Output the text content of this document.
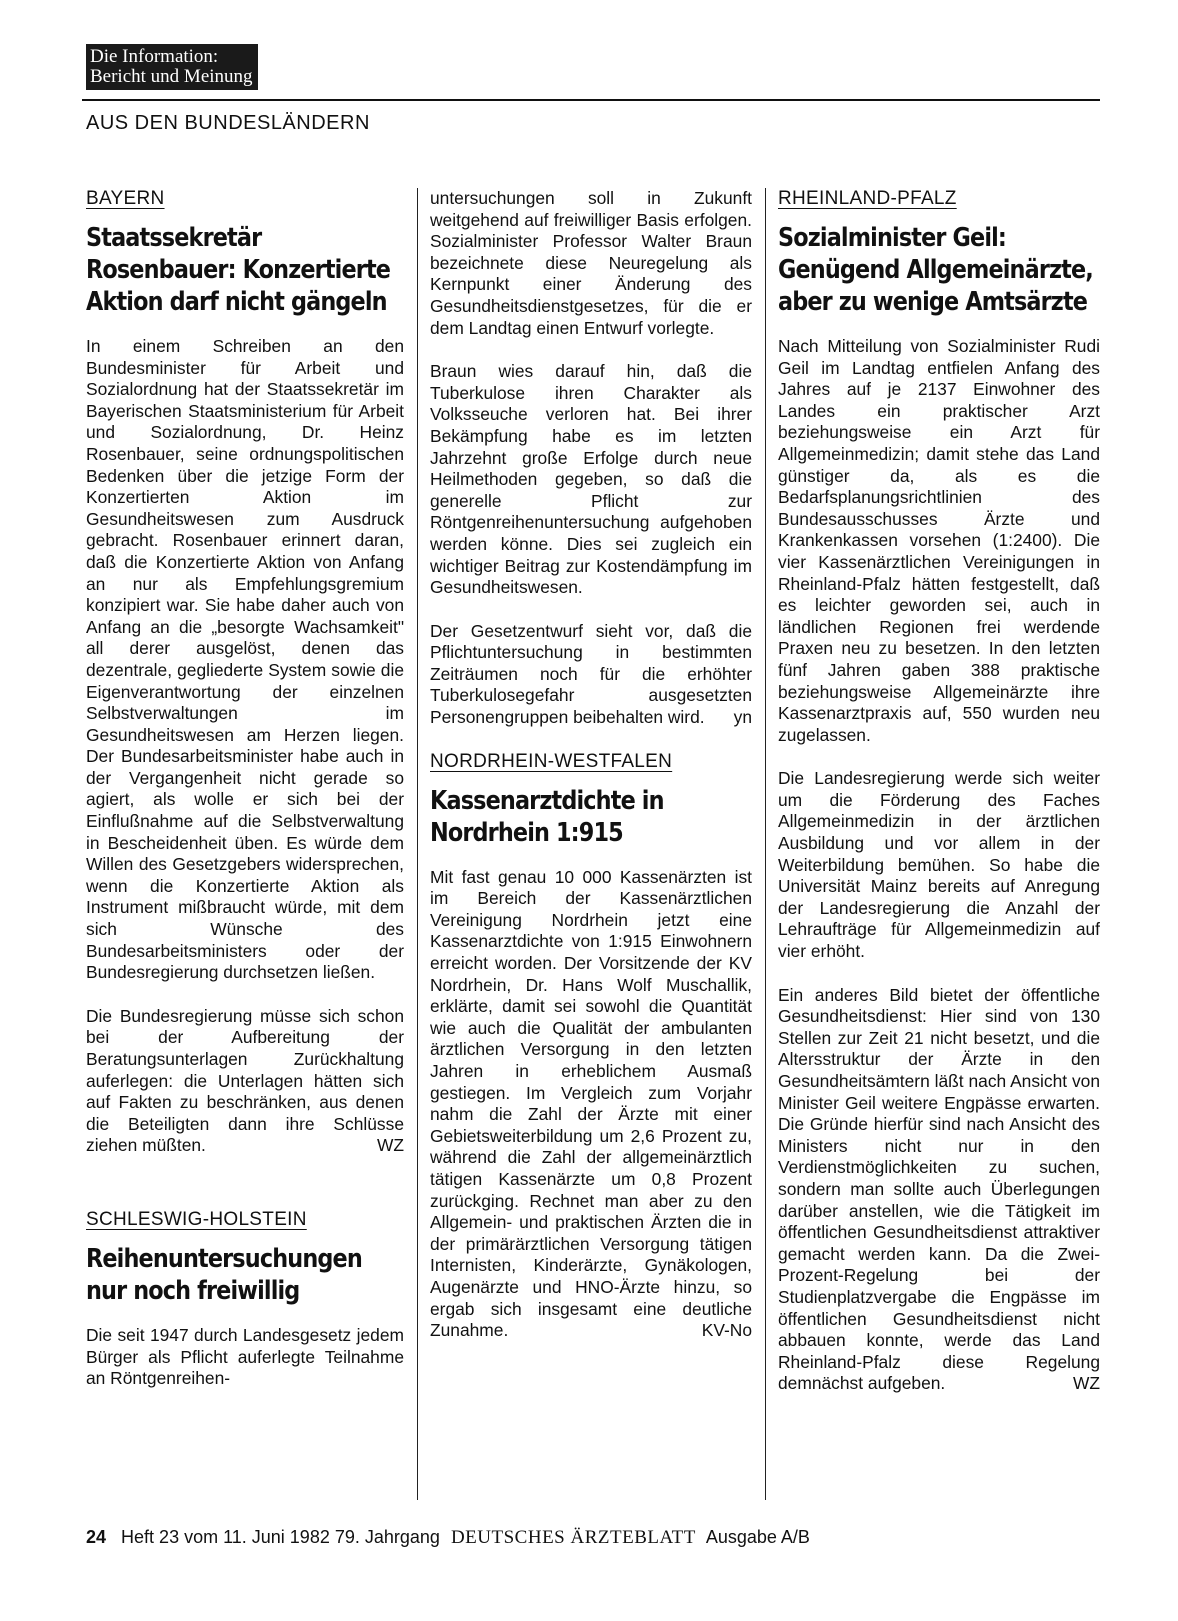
Die Information:
Bericht und Meinung
AUS DEN BUNDESLÄNDERN
BAYERN
Staatssekretär Rosenbauer: Konzertierte Aktion darf nicht gängeln

In einem Schreiben an den Bundesminister für Arbeit und Sozialordnung hat der Staatssekretär im Bayerischen Staatsministerium für Arbeit und Sozialordnung, Dr. Heinz Rosenbauer, seine ordnungspolitischen Bedenken über die jetzige Form der Konzertierten Aktion im Gesundheitswesen zum Ausdruck gebracht. Rosenbauer erinnert daran, daß die Konzertierte Aktion von Anfang an nur als Empfehlungsgremium konzipiert war. Sie habe daher auch von Anfang an die „besorgte Wachsamkeit" all derer ausgelöst, denen das dezentrale, gegliederte System sowie die Eigenverantwortung der einzelnen Selbstverwaltungen im Gesundheitswesen am Herzen liegen. Der Bundesarbeitsminister habe auch in der Vergangenheit nicht gerade so agiert, als wolle er sich bei der Einflußnahme auf die Selbstverwaltung in Bescheidenheit üben. Es würde dem Willen des Gesetzgebers widersprechen, wenn die Konzertierte Aktion als Instrument mißbraucht würde, mit dem sich Wünsche des Bundesarbeitsministers oder der Bundesregierung durchsetzen ließen.

Die Bundesregierung müsse sich schon bei der Aufbereitung der Beratungsunterlagen Zurückhaltung auferlegen: die Unterlagen hätten sich auf Fakten zu beschränken, aus denen die Beteiligten dann ihre Schlüsse ziehen müßten.	WZ

SCHLESWIG-HOLSTEIN
Reihenuntersuchungen nur noch freiwillig

Die seit 1947 durch Landesgesetz jedem Bürger als Pflicht auferlegte Teilnahme an Röntgenreihen-

untersuchungen soll in Zukunft weitgehend auf freiwilliger Basis erfolgen. Sozialminister Professor Walter Braun bezeichnete diese Neuregelung als Kernpunkt einer Änderung des Gesundheitsdienstgesetzes, für die er dem Landtag einen Entwurf vorlegte.

Braun wies darauf hin, daß die Tuberkulose ihren Charakter als Volksseuche verloren hat. Bei ihrer Bekämpfung habe es im letzten Jahrzehnt große Erfolge durch neue Heilmethoden gegeben, so daß die generelle Pflicht zur Röntgenreihenuntersuchung aufgehoben werden könne. Dies sei zugleich ein wichtiger Beitrag zur Kostendämpfung im Gesundheitswesen.

Der Gesetzentwurf sieht vor, daß die Pflichtuntersuchung in bestimmten Zeiträumen noch für die erhöhter Tuberkulosegefahr ausgesetzten Personengruppen beibehalten wird. yn

NORDRHEIN-WESTFALEN
Kassenarztdichte in Nordrhein 1:915

Mit fast genau 10 000 Kassenärzten ist im Bereich der Kassenärztlichen Vereinigung Nordrhein jetzt eine Kassenarztdichte von 1:915 Einwohnern erreicht worden. Der Vorsitzende der KV Nordrhein, Dr. Hans Wolf Muschallik, erklärte, damit sei sowohl die Quantität wie auch die Qualität der ambulanten ärztlichen Versorgung in den letzten Jahren in erheblichem Ausmaß gestiegen. Im Vergleich zum Vorjahr nahm die Zahl der Ärzte mit einer Gebietsweiterbildung um 2,6 Prozent zu, während die Zahl der allgemeinärztlich tätigen Kassenärzte um 0,8 Prozent zurückging. Rechnet man aber zu den Allgemein- und praktischen Ärzten die in der primärärztlichen Versorgung tätigen Internisten, Kinderärzte, Gynäkologen, Augenärzte und HNO-Ärzte hinzu, so ergab sich insgesamt eine deutliche Zunahme.	KV-No

RHEINLAND-PFALZ
Sozialminister Geil: Genügend Allgemeinärzte, aber zu wenige Amtsärzte

Nach Mitteilung von Sozialminister Rudi Geil im Landtag entfielen Anfang des Jahres auf je 2137 Einwohner des Landes ein praktischer Arzt beziehungsweise ein Arzt für Allgemeinmedizin; damit stehe das Land günstiger da, als es die Bedarfsplanungsrichtlinien des Bundesausschusses Ärzte und Krankenkassen vorsehen (1:2400). Die vier Kassenärztlichen Vereinigungen in Rheinland-Pfalz hätten festgestellt, daß es leichter geworden sei, auch in ländlichen Regionen frei werdende Praxen neu zu besetzen. In den letzten fünf Jahren gaben 388 praktische beziehungsweise Allgemeinärzte ihre Kassenarztpraxis auf, 550 wurden neu zugelassen.

Die Landesregierung werde sich weiter um die Förderung des Faches Allgemeinmedizin in der ärztlichen Ausbildung und vor allem in der Weiterbildung bemühen. So habe die Universität Mainz bereits auf Anregung der Landesregierung die Anzahl der Lehraufträge für Allgemeinmedizin auf vier erhöht.

Ein anderes Bild bietet der öffentliche Gesundheitsdienst: Hier sind von 130 Stellen zur Zeit 21 nicht besetzt, und die Altersstruktur der Ärzte in den Gesundheitsämtern läßt nach Ansicht von Minister Geil weitere Engpässe erwarten. Die Gründe hierfür sind nach Ansicht des Ministers nicht nur in den Verdienstmöglichkeiten zu suchen, sondern man sollte auch Überlegungen darüber anstellen, wie die Tätigkeit im öffentlichen Gesundheitsdienst attraktiver gemacht werden kann. Da die Zwei-Prozent-Regelung bei der Studienplatzvergabe die Engpässe im öffentlichen Gesundheitsdienst nicht abbauen konnte, werde das Land Rheinland-Pfalz diese Regelung demnächst aufgeben.	WZ

24 Heft 23 vom 11. Juni 1982 79. Jahrgang DEUTSCHES ÄRZTEBLATT Ausgabe A/B
